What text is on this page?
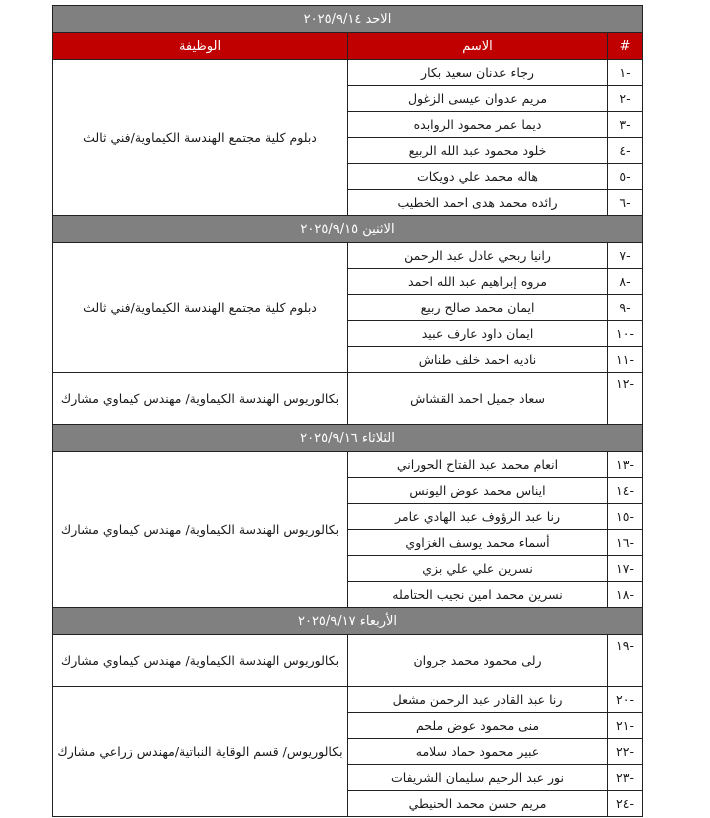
الاحد ٢٠٢٥/٩/١٤		
#	الاسم	الوظيفة
-١	رجاء عدنان سعيد بكار	دبلوم كلية مجتمع الهندسة الكيماوية/فني ثالث
-٢	مريم عدوان عيسى الزغول	
-٣	ديما عمر محمود الروابده	
-٤	خلود محمود عبد الله الربيع	
-٥	هاله محمد علي دويكات	
-٦	رائده محمد هدى احمد الخطيب	
الاثنين ٢٠٢٥/٩/١٥		
-٧	رانيا ربحي عادل عبد الرحمن	دبلوم كلية مجتمع الهندسة الكيماوية/فني ثالث
-٨	مروه إبراهيم عبد الله احمد	
-٩	ايمان محمد صالح ربيع	
-١٠	ايمان داود عارف عبيد	
-١١	ناديه احمد خلف طناش	
-١٢	سعاد جميل احمد القشاش	بكالوريوس الهندسة الكيماوية/ مهندس كيماوي مشارك
الثلاثاء ٢٠٢٥/٩/١٦		
-١٣	انعام محمد عبد الفتاح الحوراني	بكالوريوس الهندسة الكيماوية/ مهندس كيماوي مشارك
-١٤	ايناس محمد عوض اليونس	
-١٥	رنا عبد الرؤوف عبد الهادي عامر	
-١٦	أسماء محمد يوسف الغزاوي	
-١٧	نسرين علي علي بزي	
-١٨	نسرين محمد امين نجيب الحتامله	
الأربعاء ٢٠٢٥/٩/١٧		
-١٩	رلى محمود محمد جروان	بكالوريوس الهندسة الكيماوية/ مهندس كيماوي مشارك
-٢٠	رنا عبد القادر عبد الرحمن مشعل	بكالوريوس/ قسم الوقاية النباتية/مهندس زراعي مشارك
-٢١	منى محمود عوض ملحم	
-٢٢	عبير محمود حماد سلامه	
-٢٣	نور عبد الرحيم سليمان الشريفات	
-٢٤	مريم حسن محمد الحنيطي	
